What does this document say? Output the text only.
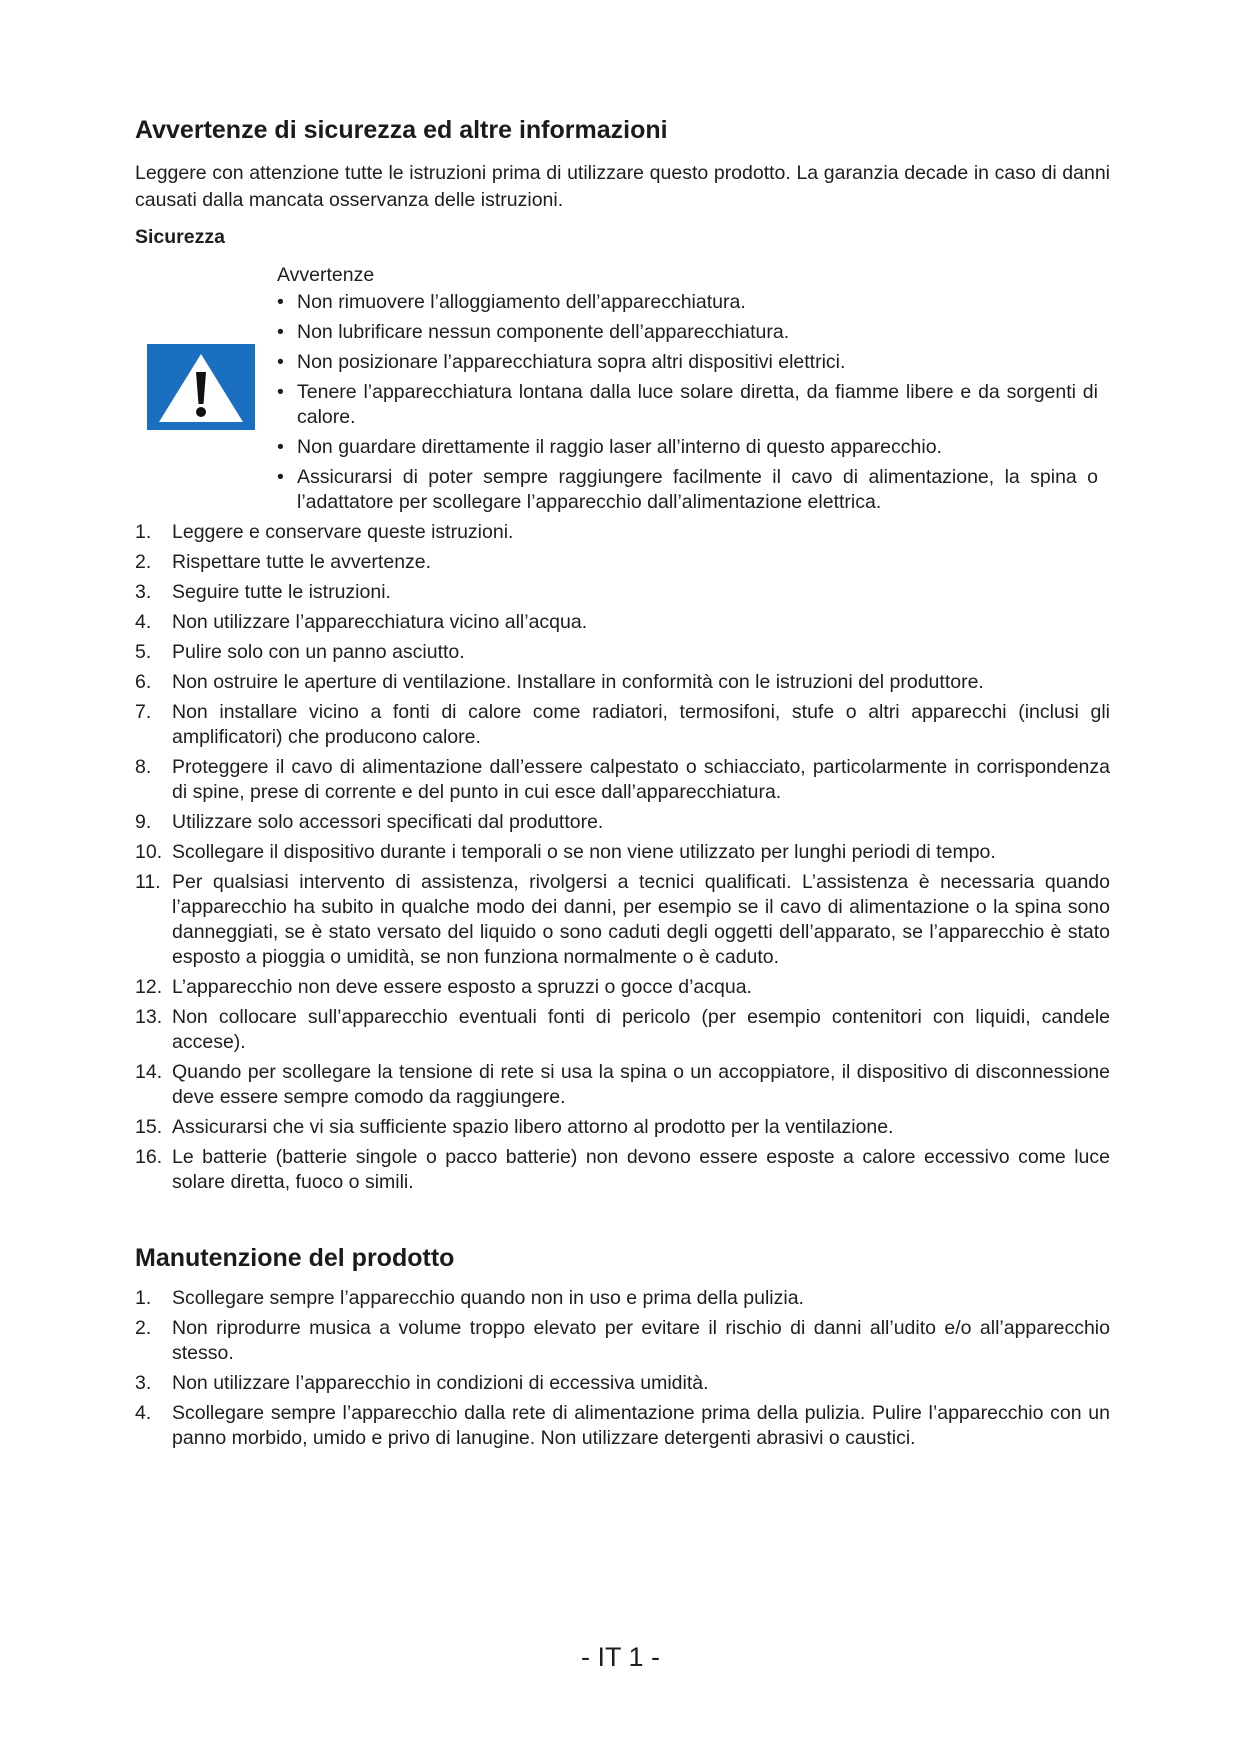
Avvertenze di sicurezza ed altre informazioni

Leggere con attenzione tutte le istruzioni prima di utilizzare questo prodotto. La garanzia decade in caso di danni causati dalla mancata osservanza delle istruzioni.

Sicurezza
Avvertenze
• Non rimuovere l’alloggiamento dell’apparecchiatura.
• Non lubrificare nessun componente dell’apparecchiatura.
• Non posizionare l’apparecchiatura sopra altri dispositivi elettrici.
• Tenere l’apparecchiatura lontana dalla luce solare diretta, da fiamme libere e da sorgenti di calore.
• Non guardare direttamente il raggio laser all’interno di questo apparecchio.
• Assicurarsi di poter sempre raggiungere facilmente il cavo di alimentazione, la spina o l’adattatore per scollegare l’apparecchio dall’alimentazione elettrica.
1. Leggere e conservare queste istruzioni.
2. Rispettare tutte le avvertenze.
3. Seguire tutte le istruzioni.
4. Non utilizzare l’apparecchiatura vicino all’acqua.
5. Pulire solo con un panno asciutto.
6. Non ostruire le aperture di ventilazione. Installare in conformità con le istruzioni del produttore.
7. Non installare vicino a fonti di calore come radiatori, termosifoni, stufe o altri apparecchi (inclusi gli amplificatori) che producono calore.
8. Proteggere il cavo di alimentazione dall’essere calpestato o schiacciato, particolarmente in corrispondenza di spine, prese di corrente e del punto in cui esce dall’apparecchiatura.
9. Utilizzare solo accessori specificati dal produttore.
10. Scollegare il dispositivo durante i temporali o se non viene utilizzato per lunghi periodi di tempo.
11. Per qualsiasi intervento di assistenza, rivolgersi a tecnici qualificati. L’assistenza è necessaria quando l’apparecchio ha subito in qualche modo dei danni, per esempio se il cavo di alimentazione o la spina sono danneggiati, se è stato versato del liquido o sono caduti degli oggetti dell’apparato, se l’apparecchio è stato esposto a pioggia o umidità, se non funziona normalmente o è caduto.
12. L’apparecchio non deve essere esposto a spruzzi o gocce d’acqua.
13. Non collocare sull’apparecchio eventuali fonti di pericolo (per esempio contenitori con liquidi, candele accese).
14. Quando per scollegare la tensione di rete si usa la spina o un accoppiatore, il dispositivo di disconnessione deve essere sempre comodo da raggiungere.
15. Assicurarsi che vi sia sufficiente spazio libero attorno al prodotto per la ventilazione.
16. Le batterie (batterie singole o pacco batterie) non devono essere esposte a calore eccessivo come luce solare diretta, fuoco o simili.
Manutenzione del prodotto
1. Scollegare sempre l’apparecchio quando non in uso e prima della pulizia.
2. Non riprodurre musica a volume troppo elevato per evitare il rischio di danni all’udito e/o all’apparecchio stesso.
3. Non utilizzare l’apparecchio in condizioni di eccessiva umidità.
4. Scollegare sempre l’apparecchio dalla rete di alimentazione prima della pulizia. Pulire l’apparecchio con un panno morbido, umido e privo di lanugine. Non utilizzare detergenti abrasivi o caustici.
- IT 1 -
